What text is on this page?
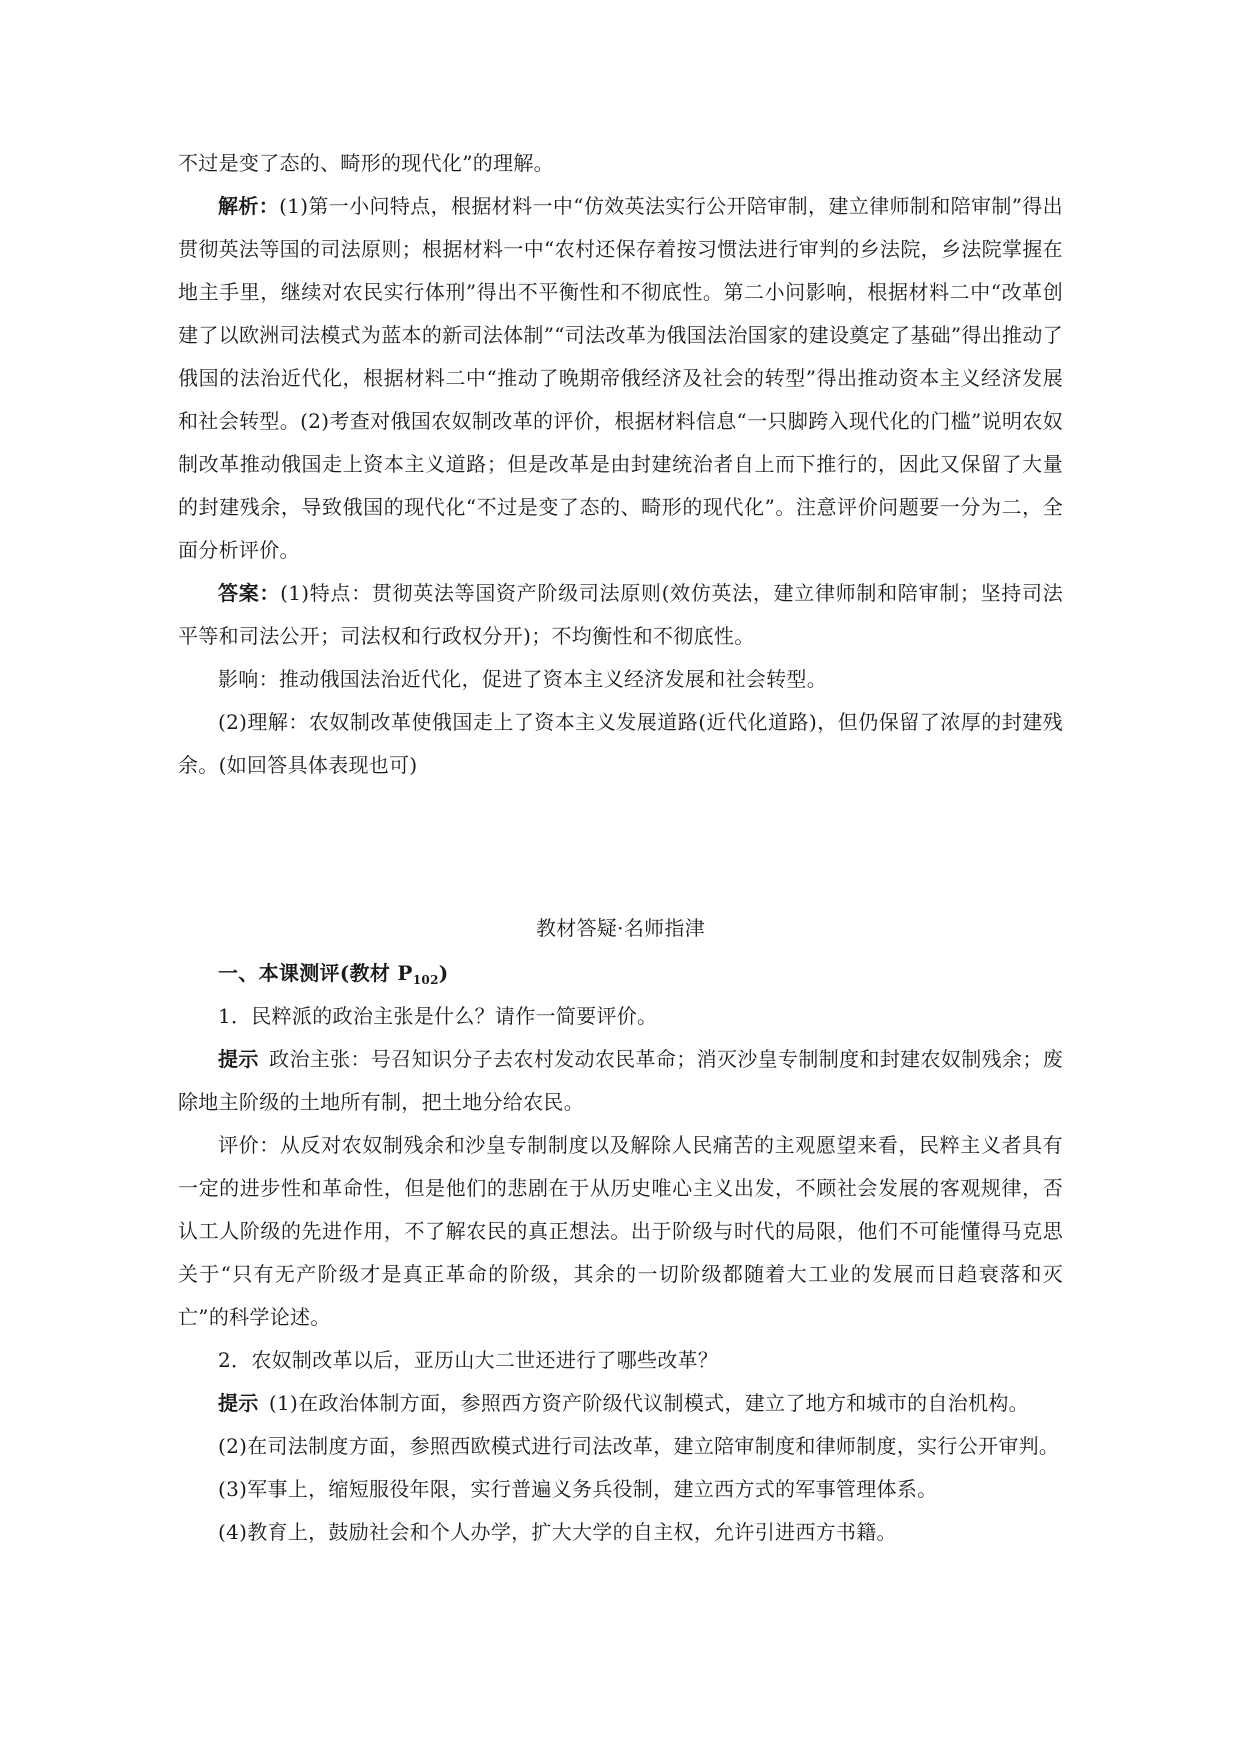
不过是变了态的、畸形的现代化”的理解。

解析：(1)第一小问特点，根据材料一中“仿效英法实行公开陪审制，建立律师制和陪审制”得出贯彻英法等国的司法原则；根据材料一中“农村还保存着按习惯法进行审判的乡法院，乡法院掌握在地主手里，继续对农民实行体刑”得出不平衡性和不彻底性。第二小问影响，根据材料二中“改革创建了以欧洲司法模式为蓝本的新司法体制”“司法改革为俄国法治国家的建设奠定了基础”得出推动了俄国的法治近代化，根据材料二中“推动了晚期帝俄经济及社会的转型”得出推动资本主义经济发展和社会转型。(2)考查对俄国农奴制改革的评价，根据材料信息“一只脚跨入现代化的门槛”说明农奴制改革推动俄国走上资本主义道路；但是改革是由封建统治者自上而下推行的，因此又保留了大量的封建残余，导致俄国的现代化“不过是变了态的、畸形的现代化”。注意评价问题要一分为二，全面分析评价。

答案：(1)特点：贯彻英法等国资产阶级司法原则(效仿英法，建立律师制和陪审制；坚持司法平等和司法公开；司法权和行政权分开)；不均衡性和不彻底性。

影响：推动俄国法治近代化，促进了资本主义经济发展和社会转型。

(2)理解：农奴制改革使俄国走上了资本主义发展道路(近代化道路)，但仍保留了浓厚的封建残余。(如回答具体表现也可)

教材答疑·名师指津

一、本课测评(教材 $P_{102}$)

1．民粹派的政治主张是什么？请作一简要评价。

提示  政治主张：号召知识分子去农村发动农民革命；消灭沙皇专制制度和封建农奴制残余；废除地主阶级的土地所有制，把土地分给农民。

评价：从反对农奴制残余和沙皇专制制度以及解除人民痛苦的主观愿望来看，民粹主义者具有一定的进步性和革命性，但是他们的悲剧在于从历史唯心主义出发，不顾社会发展的客观规律，否认工人阶级的先进作用，不了解农民的真正想法。出于阶级与时代的局限，他们不可能懂得马克思关于“只有无产阶级才是真正革命的阶级，其余的一切阶级都随着大工业的发展而日趋衰落和灭亡”的科学论述。

2．农奴制改革以后，亚历山大二世还进行了哪些改革？

提示  (1)在政治体制方面，参照西方资产阶级代议制模式，建立了地方和城市的自治机构。

(2)在司法制度方面，参照西欧模式进行司法改革，建立陪审制度和律师制度，实行公开审判。

(3)军事上，缩短服役年限，实行普遍义务兵役制，建立西方式的军事管理体系。

(4)教育上，鼓励社会和个人办学，扩大大学的自主权，允许引进西方书籍。
